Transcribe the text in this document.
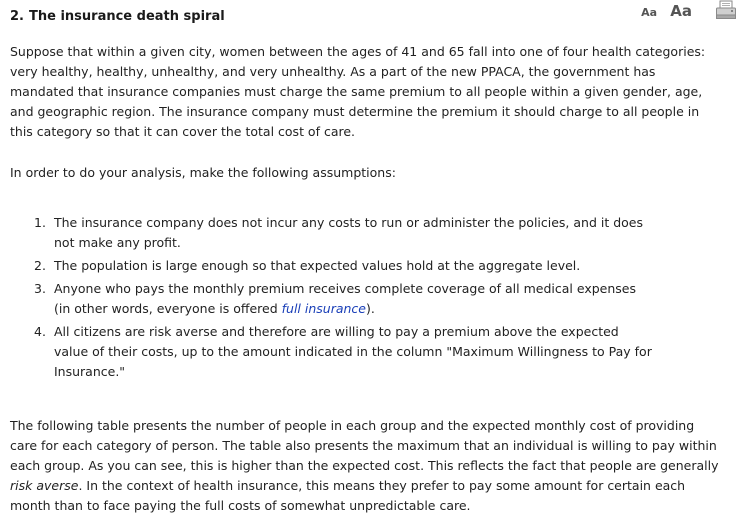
2. The insurance death spiral	Aa Aa

Suppose that within a given city, women between the ages of 41 and 65 fall into one of four health categories: very healthy, healthy, unhealthy, and very unhealthy. As a part of the new PPACA, the government has mandated that insurance companies must charge the same premium to all people within a given gender, age, and geographic region. The insurance company must determine the premium it should charge to all people in this category so that it can cover the total cost of care.

In order to do your analysis, make the following assumptions:

1. The insurance company does not incur any costs to run or administer the policies, and it does not make any profit.
2. The population is large enough so that expected values hold at the aggregate level.
3. Anyone who pays the monthly premium receives complete coverage of all medical expenses (in other words, everyone is offered full insurance).
4. All citizens are risk averse and therefore are willing to pay a premium above the expected value of their costs, up to the amount indicated in the column "Maximum Willingness to Pay for Insurance."

The following table presents the number of people in each group and the expected monthly cost of providing care for each category of person. The table also presents the maximum that an individual is willing to pay within each group. As you can see, this is higher than the expected cost. This reflects the fact that people are generally risk averse. In the context of health insurance, this means they prefer to pay some amount for certain each month than to face paying the full costs of somewhat unpredictable care.
